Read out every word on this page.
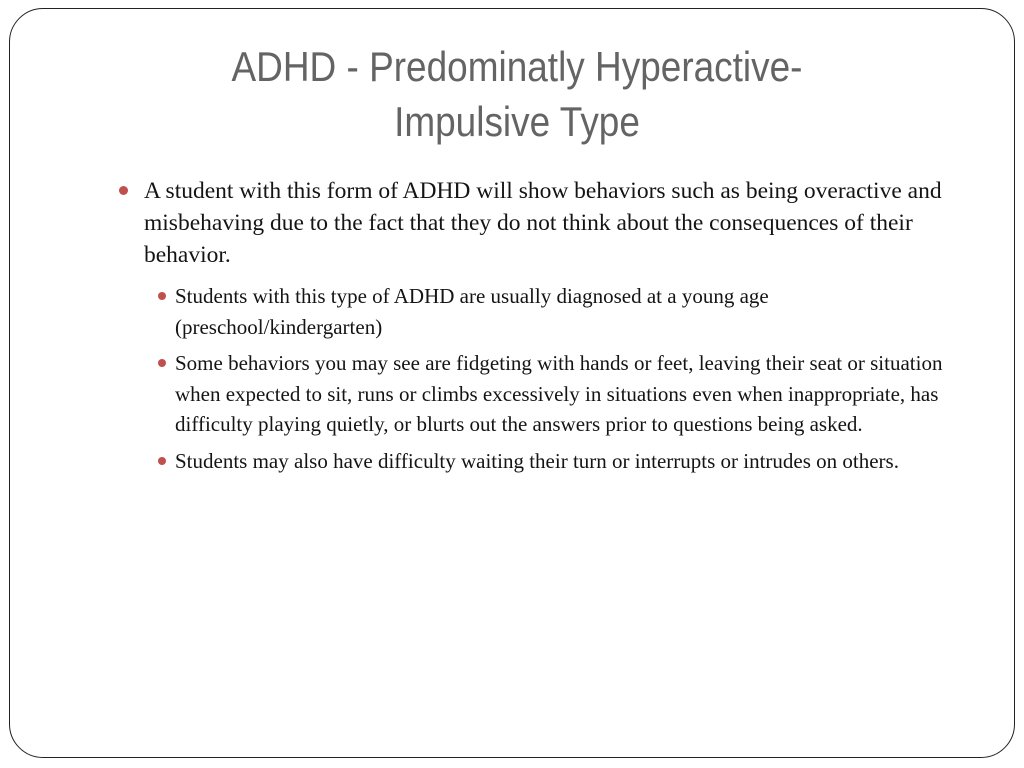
ADHD - Predominatly Hyperactive-Impulsive Type
A student with this form of ADHD will show behaviors such as being overactive and misbehaving due to the fact that they do not think about the consequences of their behavior.
Students with this type of ADHD are usually diagnosed at a young age (preschool/kindergarten)
Some behaviors you may see are fidgeting with hands or feet, leaving their seat or situation when expected to sit, runs or climbs excessively in situations even when inappropriate, has difficulty playing quietly, or blurts out the answers prior to questions being asked.
Students may also have difficulty waiting their turn or interrupts or intrudes on others.
